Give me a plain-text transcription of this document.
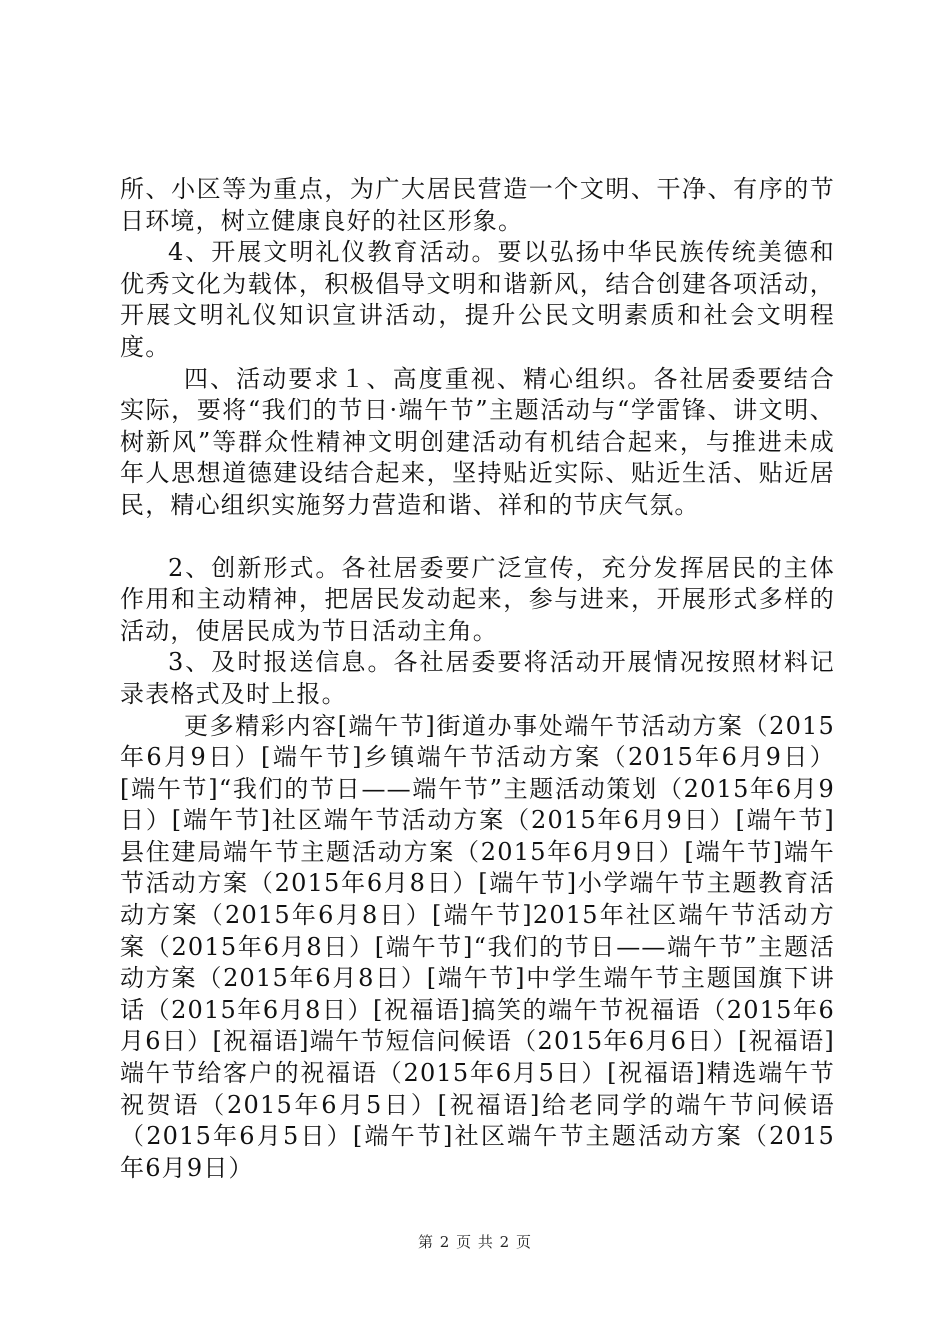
所、小区等为重点，为广大居民营造一个文明、干净、有序的节日环境，树立健康良好的社区形象。

4、开展文明礼仪教育活动。要以弘扬中华民族传统美德和优秀文化为载体，积极倡导文明和谐新风，结合创建各项活动，开展文明礼仪知识宣讲活动，提升公民文明素质和社会文明程度。

四、活动要求１、高度重视、精心组织。各社居委要结合实际，要将“我们的节日·端午节”主题活动与“学雷锋、讲文明、树新风”等群众性精神文明创建活动有机结合起来，与推进未成年人思想道德建设结合起来，坚持贴近实际、贴近生活、贴近居民，精心组织实施努力营造和谐、祥和的节庆气氛。

2、创新形式。各社居委要广泛宣传，充分发挥居民的主体作用和主动精神，把居民发动起来，参与进来，开展形式多样的活动，使居民成为节日活动主角。

3、及时报送信息。各社居委要将活动开展情况按照材料记录表格式及时上报。

更多精彩内容[端午节]街道办事处端午节活动方案（2015年6月9日）[端午节]乡镇端午节活动方案（2015年6月9日）[端午节]“我们的节日——端午节”主题活动策划（2015年6月9日）[端午节]社区端午节活动方案（2015年6月9日）[端午节]县住建局端午节主题活动方案（2015年6月9日）[端午节]端午节活动方案（2015年6月8日）[端午节]小学端午节主题教育活动方案（2015年6月8日）[端午节]2015年社区端午节活动方案（2015年6月8日）[端午节]“我们的节日——端午节”主题活动方案（2015年6月8日）[端午节]中学生端午节主题国旗下讲话（2015年6月8日）[祝福语]搞笑的端午节祝福语（2015年6月6日）[祝福语]端午节短信问候语（2015年6月6日）[祝福语]端午节给客户的祝福语（2015年6月5日）[祝福语]精选端午节祝贺语（2015年6月5日）[祝福语]给老同学的端午节问候语（2015年6月5日）[端午节]社区端午节主题活动方案（2015年6月9日）

第 2 页 共 2 页
